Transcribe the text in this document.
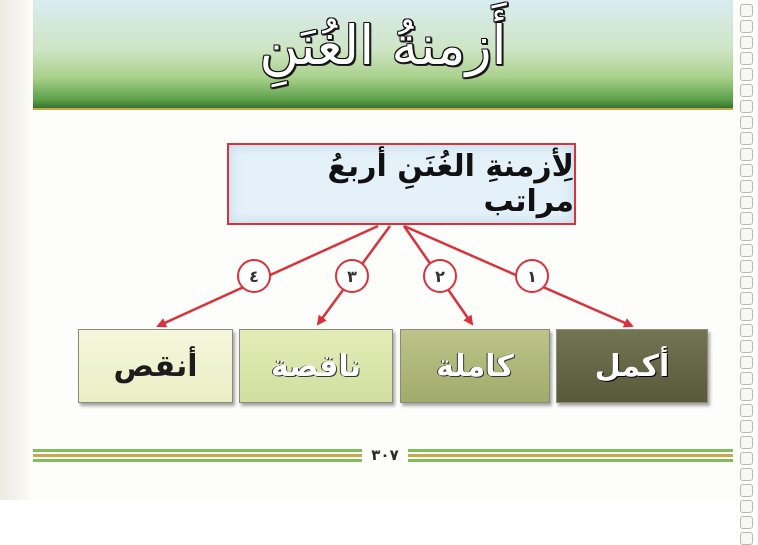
أَزمنةُ الغُنَنِ
لِأزمنةِ الغُنَنِ أربعُ مراتب
١
٢
٣
٤
أكمل
كاملة
ناقصة
أنقص
٣٠٧
